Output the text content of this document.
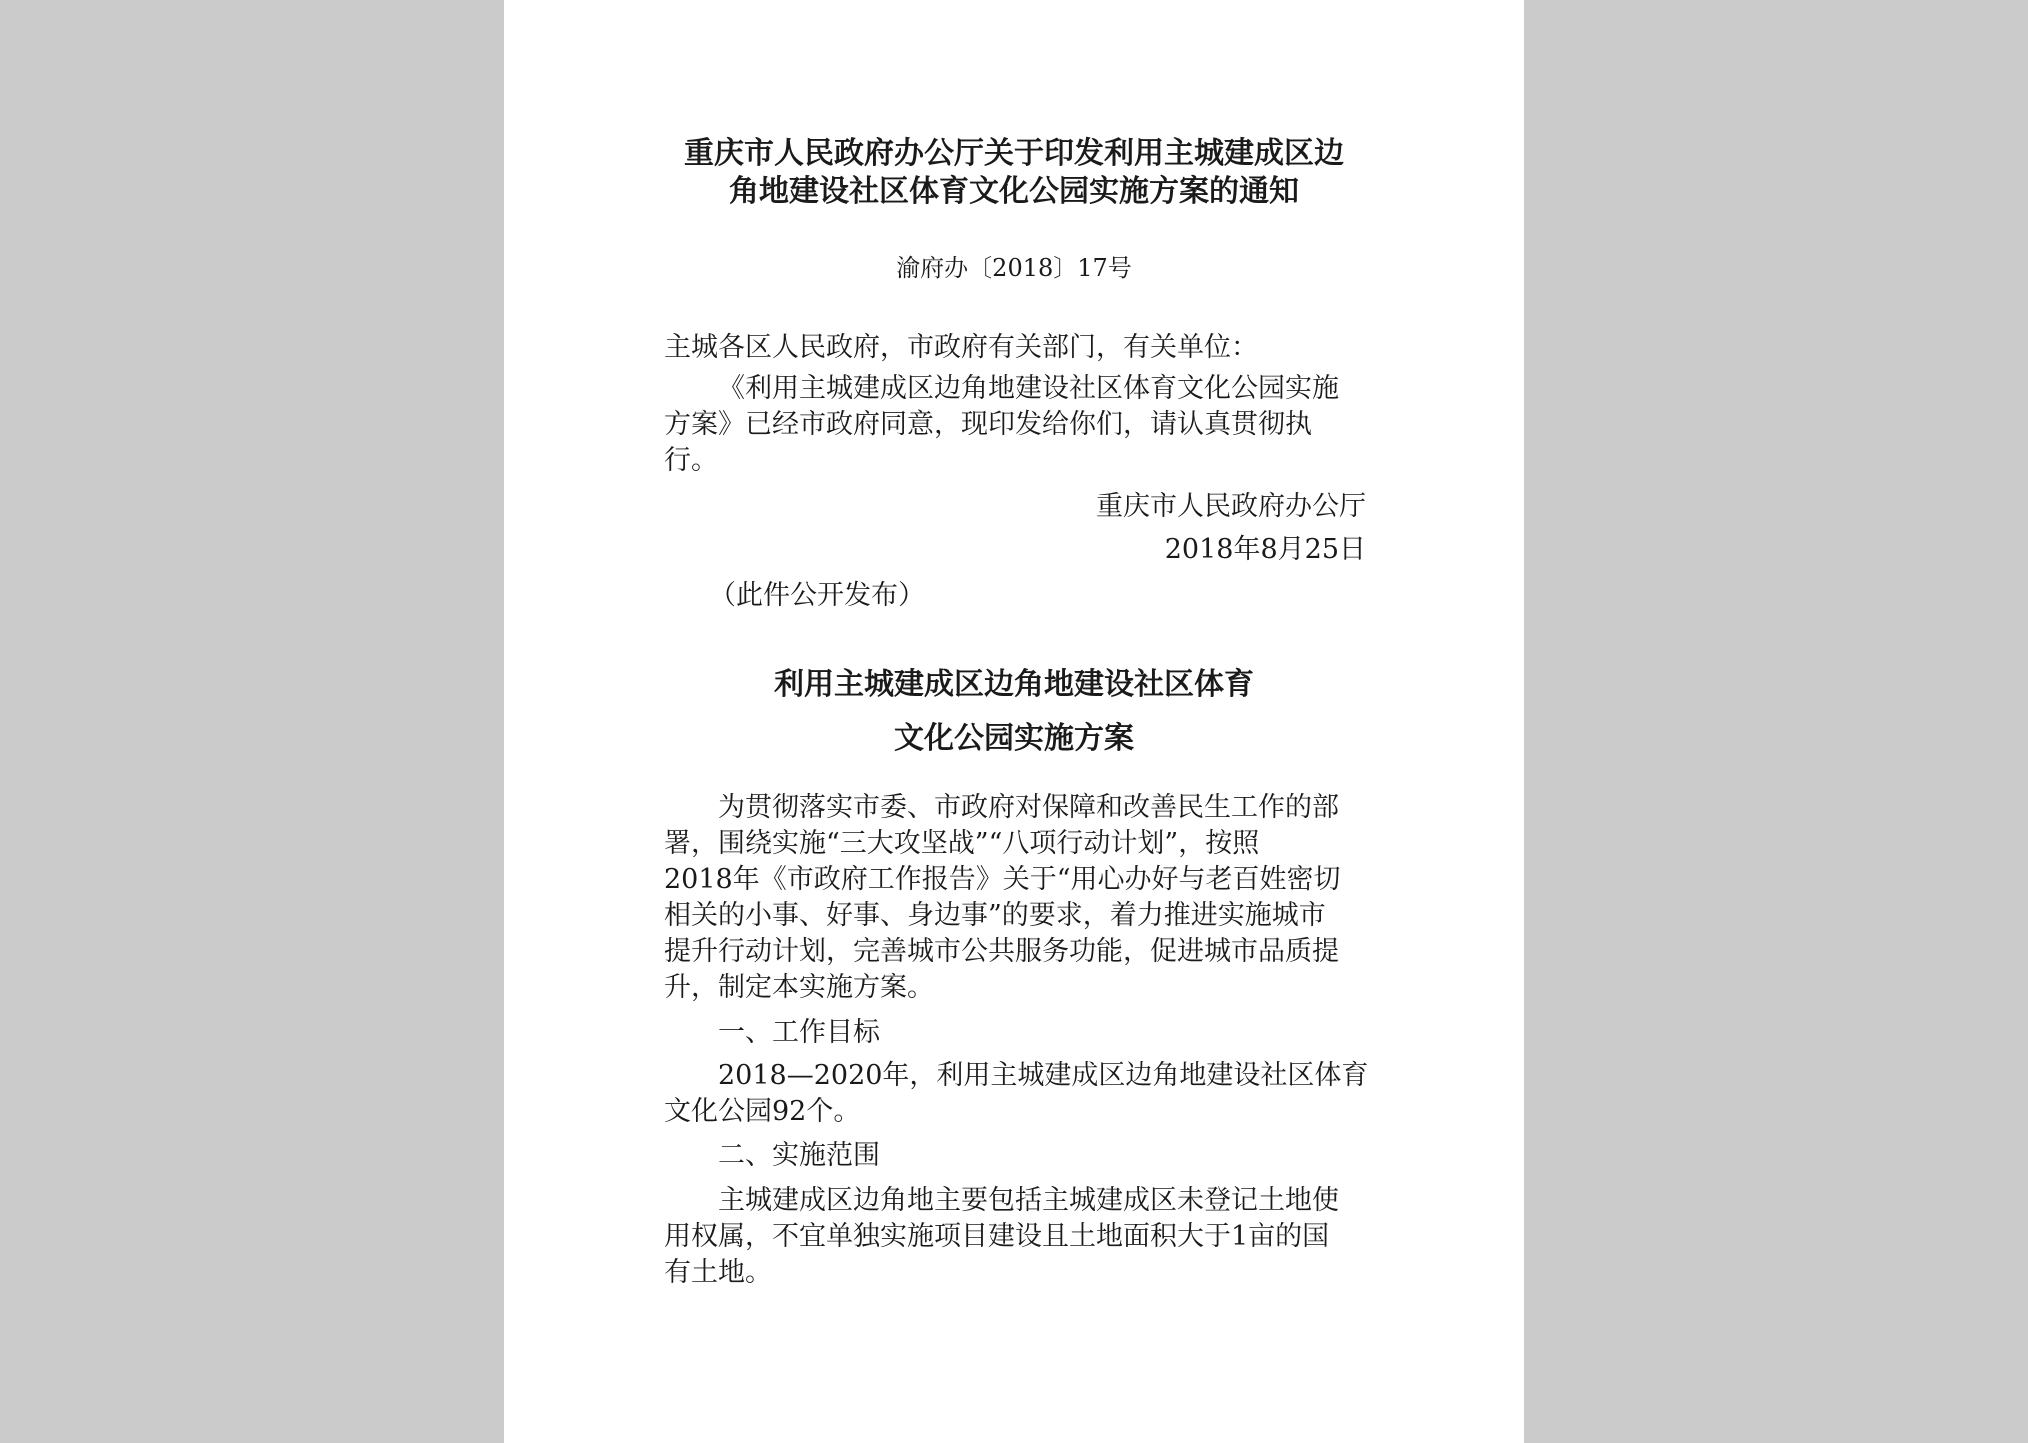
重庆市人民政府办公厅关于印发利用主城建成区边
角地建设社区体育文化公园实施方案的通知
渝府办〔2018〕17号
主城各区人民政府，市政府有关部门，有关单位：
《利用主城建成区边角地建设社区体育文化公园实施
方案》已经市政府同意，现印发给你们，请认真贯彻执
行。
重庆市人民政府办公厅
2018年8月25日
（此件公开发布）
利用主城建成区边角地建设社区体育
文化公园实施方案
为贯彻落实市委、市政府对保障和改善民生工作的部
署，围绕实施“三大攻坚战”“八项行动计划”，按照
2018年《市政府工作报告》关于“用心办好与老百姓密切
相关的小事、好事、身边事”的要求，着力推进实施城市
提升行动计划，完善城市公共服务功能，促进城市品质提
升，制定本实施方案。
一、工作目标
2018—2020年，利用主城建成区边角地建设社区体育
文化公园92个。
二、实施范围
主城建成区边角地主要包括主城建成区未登记土地使
用权属，不宜单独实施项目建设且土地面积大于1亩的国
有土地。
